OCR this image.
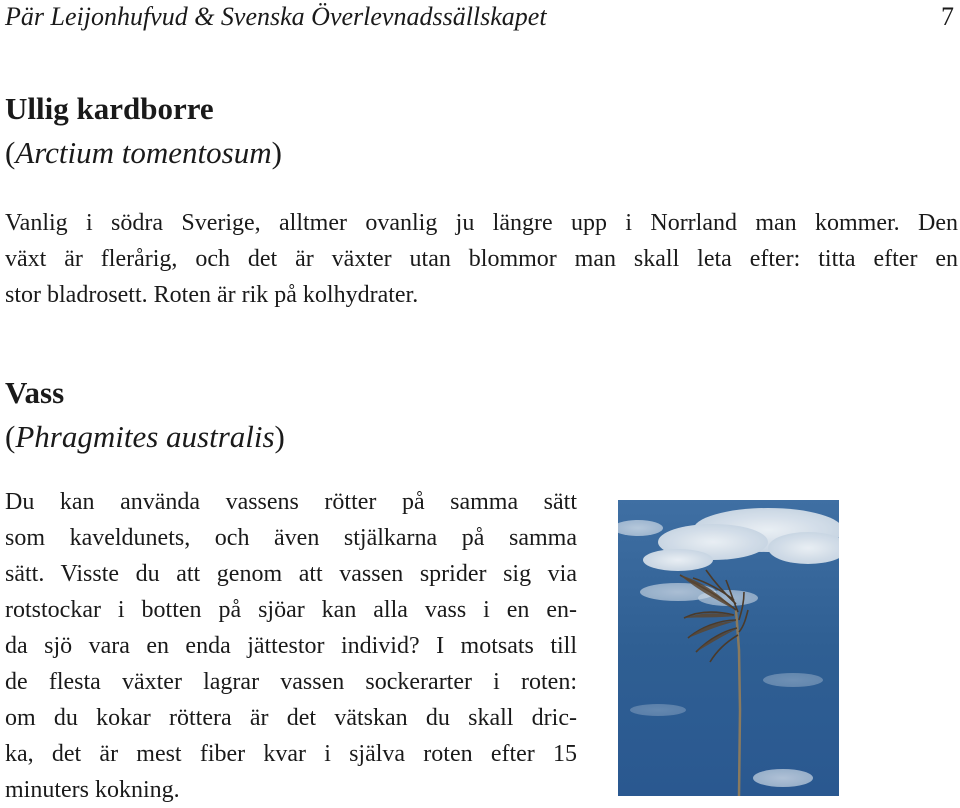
Pär Leijonhufvud & Svenska Överlevnadssällskapet	7
Ullig kardborre
(Arctium tomentosum)
Vanlig i södra Sverige, alltmer ovanlig ju längre upp i Norrland man kommer. Den
växt är flerårig, och det är växter utan blommor man skall leta efter: titta efter en
stor bladrosett. Roten är rik på kolhydrater.
Vass
(Phragmites australis)
Du kan använda vassens rötter på samma sätt
som kaveldunets, och även stjälkarna på samma
sätt. Visste du att genom att vassen sprider sig via
rotstockar i botten på sjöar kan alla vass i en en-
da sjö vara en enda jättestor individ? I motsats till
de flesta växter lagrar vassen sockerarter i roten:
om du kokar röttera är det vätskan du skall dric-
ka, det är mest fiber kvar i själva roten efter 15
minuters kokning.
